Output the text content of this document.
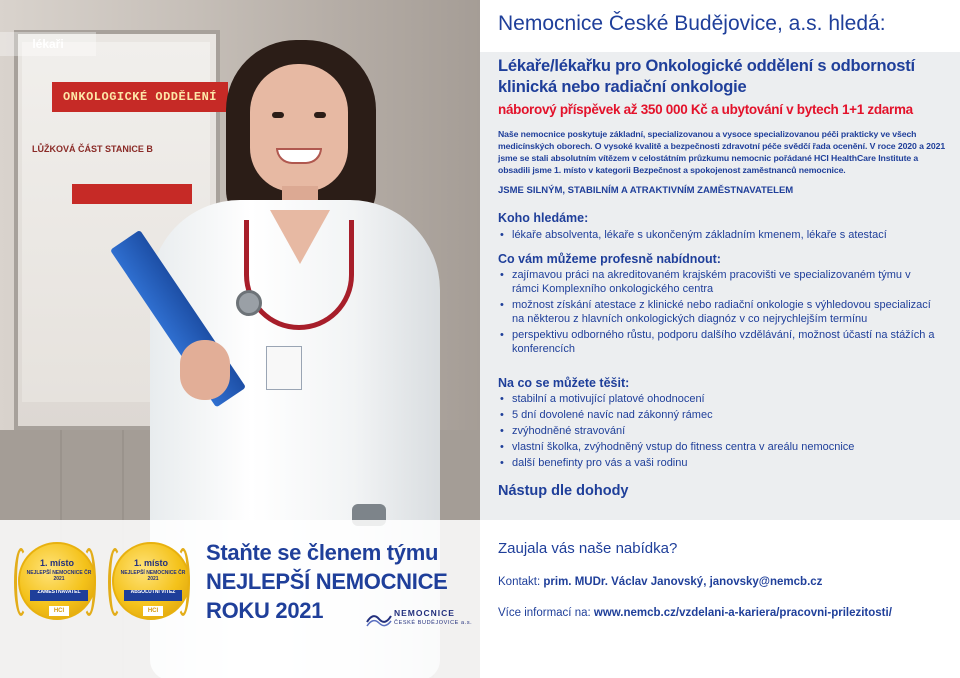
ONKOLOGICKÉ ODDĚLENÍ
LŮŽKOVÁ ČÁST STANICE B
lékaři
1. místo
NEJLEPŠÍ NEMOCNICE ČR 2021
ZAMĚSTNAVATEL
HCI
1. místo
NEJLEPŠÍ NEMOCNICE ČR 2021
ABSOLUTNÍ VÍTĚZ
HCI
Staňte se členem týmu
NEJLEPŠÍ NEMOCNICE
ROKU 2021	NEMOCNICE
ČESKÉ BUDĚJOVICE a.s.
Nemocnice České Budějovice, a.s. hledá:
Lékaře/lékařku pro Onkologické oddělení s odborností klinická nebo radiační onkologie
náborový příspěvek až 350 000 Kč a ubytování v bytech 1+1 zdarma
Naše nemocnice poskytuje základní, specializovanou a vysoce specializovanou péči prakticky ve všech medicínských oborech. O vysoké kvalitě a bezpečnosti zdravotní péče svědčí řada ocenění. V roce 2020 a 2021 jsme se stali absolutním vítězem v celostátním průzkumu nemocnic pořádané HCI HealthCare Institute a obsadili jsme 1. místo v kategorii Bezpečnost a spokojenost zaměstnanců nemocnice.
JSME SILNÝM, STABILNÍM A ATRAKTIVNÍM ZAMĚSTNAVATELEM
Koho hledáme:
• lékaře absolventa, lékaře s ukončeným základním kmenem, lékaře s atestací
Co vám můžeme profesně nabídnout:
• zajímavou práci na akreditovaném krajském pracovišti ve specializovaném týmu v rámci Komplexního onkologického centra
• možnost získání atestace z klinické nebo radiační onkologie s výhledovou specializací na některou z hlavních onkologických diagnóz v co nejrychlejším termínu
• perspektivu odborného růstu, podporu dalšího vzdělávání, možnost účastí na stážích a konferencích
Na co se můžete těšit:
• stabilní a motivující platové ohodnocení
• 5 dní dovolené navíc nad zákonný rámec
• zvýhodněné stravování
• vlastní školka, zvýhodněný vstup do fitness centra v areálu nemocnice
• další benefinty pro vás a vaši rodinu
Nástup dle dohody
Zaujala vás naše nabídka?
Kontakt: prim. MUDr. Václav Janovský, janovsky@nemcb.cz
Více informací na: www.nemcb.cz/vzdelani-a-kariera/pracovni-prilezitosti/
